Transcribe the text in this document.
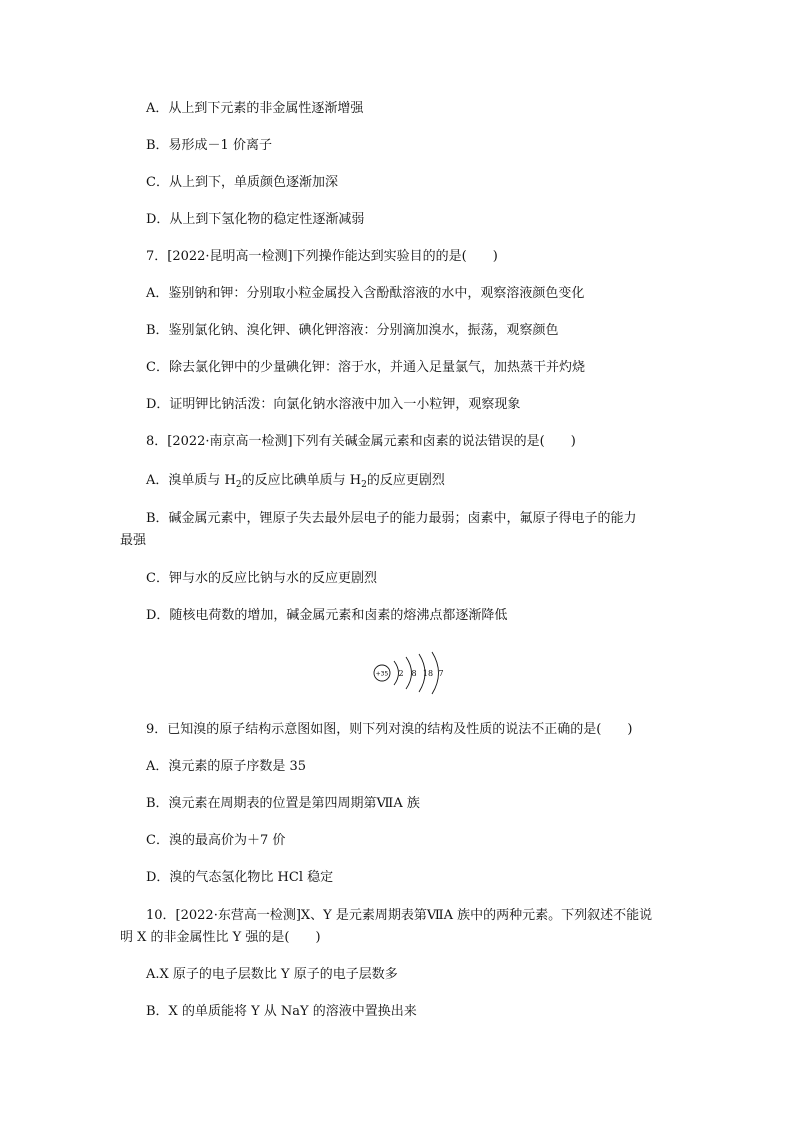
A．从上到下元素的非金属性逐渐增强
B．易形成－1 价离子
C．从上到下，单质颜色逐渐加深
D．从上到下氢化物的稳定性逐渐减弱
7．[2022·昆明高一检测]下列操作能达到实验目的的是(　　)
A．鉴别钠和钾：分别取小粒金属投入含酚酞溶液的水中，观察溶液颜色变化
B．鉴别氯化钠、溴化钾、碘化钾溶液：分别滴加溴水，振荡，观察颜色
C．除去氯化钾中的少量碘化钾：溶于水，并通入足量氯气，加热蒸干并灼烧
D．证明钾比钠活泼：向氯化钠水溶液中加入一小粒钾，观察现象
8．[2022·南京高一检测]下列有关碱金属元素和卤素的说法错误的是(　　)
A．溴单质与 $H_2$的反应比碘单质与 $H_2$的反应更剧烈
B．碱金属元素中，锂原子失去最外层电子的能力最弱；卤素中，氟原子得电子的能力
最强
C．钾与水的反应比钠与水的反应更剧烈
D．随核电荷数的增加，碱金属元素和卤素的熔沸点都逐渐降低
+35 2 8 18 7
9．已知溴的原子结构示意图如图，则下列对溴的结构及性质的说法不正确的是(　　)
A．溴元素的原子序数是 35
B．溴元素在周期表的位置是第四周期第ⅦA 族
C．溴的最高价为＋7 价
D．溴的气态氢化物比 HCl 稳定
10．[2022·东营高一检测]X、Y 是元素周期表第ⅦA 族中的两种元素。下列叙述不能说
明 X 的非金属性比 Y 强的是(　　)
A.X 原子的电子层数比 Y 原子的电子层数多
B．X 的单质能将 Y 从 NaY 的溶液中置换出来
